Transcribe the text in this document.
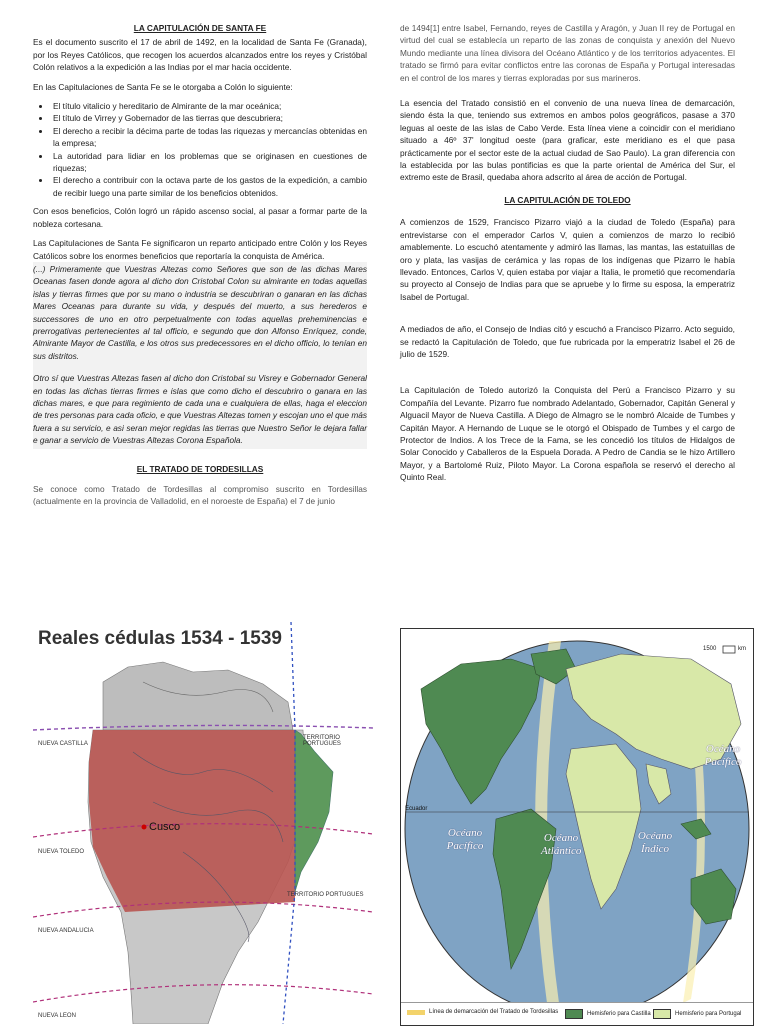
LA CAPITULACIÓN DE SANTA FE
Es el documento suscrito el 17 de abril de 1492, en la localidad de Santa Fe (Granada), por los Reyes Católicos, que recogen los acuerdos alcanzados entre los reyes y Cristóbal Colón relativos a la expedición a las Indias por el mar hacia occidente.
En las Capitulaciones de Santa Fe se le otorgaba a Colón lo siguiente:
• El título vitalicio y hereditario de Almirante de la mar oceánica;
• El título de Virrey y Gobernador de las tierras que descubriera;
• El derecho a recibir la décima parte de todas las riquezas y mercancías obtenidas en la empresa;
• La autoridad para lidiar en los problemas que se originasen en cuestiones de riquezas;
• El derecho a contribuir con la octava parte de los gastos de la expedición, a cambio de recibir luego una parte similar de los beneficios obtenidos.
Con esos beneficios, Colón logró un rápido ascenso social, al pasar a formar parte de la nobleza cortesana.
Las Capitulaciones de Santa Fe significaron un reparto anticipado entre Colón y los Reyes Católicos sobre los enormes beneficios que reportaría la conquista de América.
(...) Primeramente que Vuestras Altezas como Señores que son de las dichas Mares Oceanas fasen donde agora al dicho don Cristobal Colon su almirante en todas aquellas islas y tierras firmes que por su mano o industria se descubriran o ganaran en las dichas Mares Oceanas para durante su vida, y después del muerto, a sus herederos e successores de uno en otro perpetualmente con todas aquellas preheminencias e prerrogativas pertenecientes al tal officio, e segundo que don Alfonso Enríquez, conde, Almirante Mayor de Castilla, e los otros sus predecessores en el dicho officio, lo tenían en sus distritos.
Otro sí que Vuestras Altezas fasen al dicho don Cristobal su Visrey e Gobernador General en todas las dichas tierras firmes e islas que como dicho el descubriro o ganara en las dichas mares, e que para regimiento de cada una e cualquiera de ellas, haga el eleccion de tres personas para cada oficio, e que Vuestras Altezas tomen y escojan uno el que más fuera a su servicio, e asi seran mejor regidas las tierras que Nuestro Señor le dejara fallar e ganar a servicio de Vuestras Altezas Corona Española.
EL TRATADO DE TORDESILLAS
Se conoce como Tratado de Tordesillas al compromiso suscrito en Tordesillas (actualmente en la provincia de Valladolid, en el noroeste de España) el 7 de junio
de 1494[1] entre Isabel, Fernando, reyes de Castilla y Aragón, y Juan II rey de Portugal en virtud del cual se establecía un reparto de las zonas de conquista y anexión del Nuevo Mundo mediante una línea divisora del Océano Atlántico y de los territorios adyacentes. El tratado se firmó para evitar conflictos entre las coronas de España y Portugal interesadas en el control de los mares y tierras exploradas por sus marineros.
La esencia del Tratado consistió en el convenio de una nueva línea de demarcación, siendo ésta la que, teniendo sus extremos en ambos polos geográficos, pasase a 370 leguas al oeste de las islas de Cabo Verde. Esta línea viene a coincidir con el meridiano situado a 46º 37' longitud oeste (para graficar, este meridiano es el que pasa prácticamente por el sector este de la actual ciudad de Sao Paulo). La gran diferencia con la establecida por las bulas pontificias es que la parte oriental de América del Sur, el extremo este de Brasil, quedaba ahora adscrito al área de acción de Portugal.
LA CAPITULACIÓN DE TOLEDO
A comienzos de 1529, Francisco Pizarro viajó a la ciudad de Toledo (España) para entrevistarse con el emperador Carlos V, quien a comienzos de marzo lo recibió amablemente. Lo escuchó atentamente y admiró las llamas, las mantas, las estatuillas de oro y plata, las vasijas de cerámica y las ropas de los indígenas que Pizarro le había llevado. Entonces, Carlos V, quien estaba por viajar a Italia, le prometió que recomendaría su proyecto al Consejo de Indias para que se apruebe y lo firme su esposa, la emperatriz Isabel de Portugal.
A mediados de año, el Consejo de Indias citó y escuchó a Francisco Pizarro. Acto seguido, se redactó la Capitulación de Toledo, que fue rubricada por la emperatriz Isabel el 26 de julio de 1529.
La Capitulación de Toledo autorizó la Conquista del Perú a Francisco Pizarro y su Compañía del Levante. Pizarro fue nombrado Adelantado, Gobernador, Capitán General y Alguacil Mayor de Nueva Castilla. A Diego de Almagro se le nombró Alcaide de Tumbes y Capitán Mayor. A Hernando de Luque se le otorgó el Obispado de Tumbes y el cargo de Protector de Indios. A los Trece de la Fama, se les concedió los títulos de Hidalgos de Solar Conocido y Caballeros de la Espuela Dorada. A Pedro de Candia se le hizo Artillero Mayor, y a Bartolomé Ruiz, Piloto Mayor. La Corona española se reservó el derecho al Quinto Real.
Reales cédulas 1534 - 1539
NUEVA CASTILLA
NUEVA TOLEDO
NUEVA ANDALUCIA
NUEVA LEON
TERRITORIO PORTUGUES
TERRITORIO PORTUGUES
Cusco
1500	km
Ecuador
Océano Pacífico
Océano Atlántico
Océano Índico
Océano Pacífico
Línea de demarcación del Tratado de Tordesillas	Hemisferio para Castilla	Hemisferio para Portugal
